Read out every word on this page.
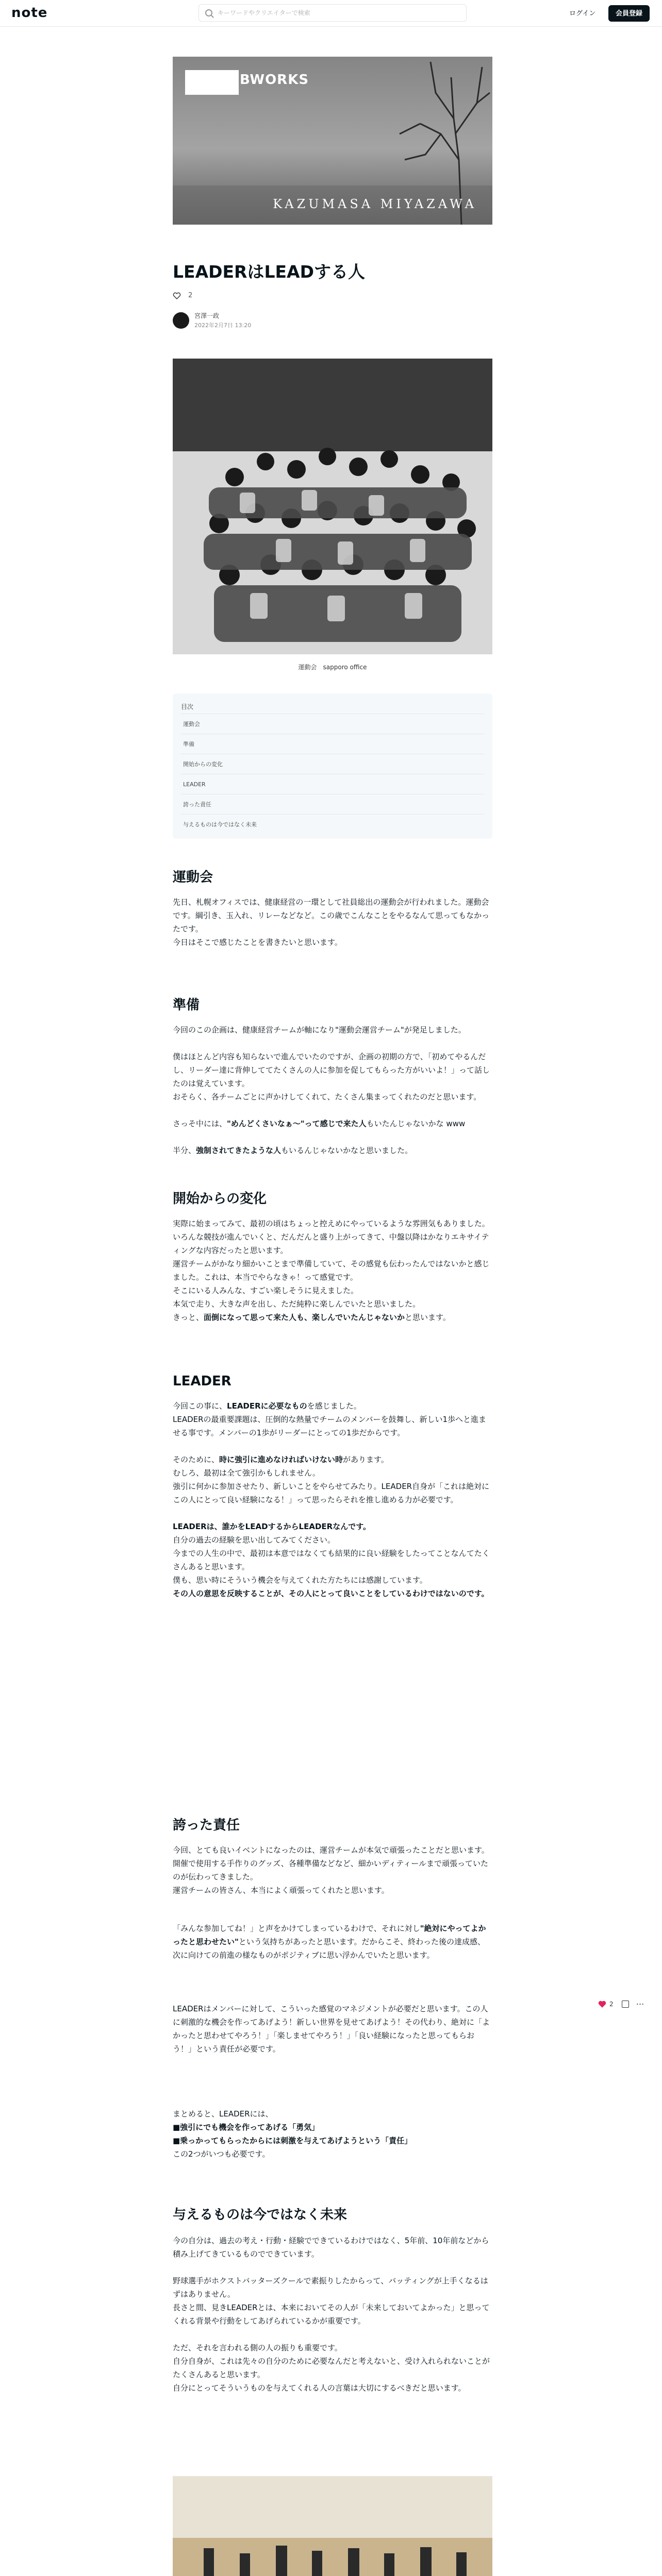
note
キーワードやクリエイターで検索	ログイン	会員登録
BWORKS
KAZUMASA MIYAZAWA
LEADERはLEADする人
2
宮澤一政
2022年2月7日 13:20
運動会　sapporo office
目次
運動会
準備
開始からの変化
LEADER
誇った責任
与えるものは今ではなく未来
運動会

先日、札幌オフィスでは、健康経営の一環として社員総出の運動会が行われました。運動会です。綱引き、玉入れ、リレーなどなど。この歳でこんなことをやるなんて思ってもなかったです。

今日はそこで感じたことを書きたいと思います。

準備

今回のこの企画は、健康経営チームが軸になり"運動会運営チーム"が発足しました。

僕はほとんど内容も知らないで進んでいたのですが、企画の初期の方で、「初めてやるんだし、リーダー達に背伸しててたくさんの人に参加を促してもらった方がいいよ！」って話したのは覚えています。

おそらく、各チームごとに声かけしてくれて、たくさん集まってくれたのだと思います。

さっそ中には、"めんどくさいなぁ〜"って感じで来た人もいたんじゃないかな www

半分、強制されてきたような人もいるんじゃないかなと思いました。

開始からの変化

実際に始まってみて、最初の頃はちょっと控えめにやっているような雰囲気もありました。いろんな競技が進んでいくと、だんだんと盛り上がってきて、中盤以降はかなりエキサイティングな内容だったと思います。

運営チームがかなり細かいことまで準備していて、その感覚も伝わったんではないかと感じました。これは、本当でやらなきゃ！って感覚です。

そこにいる人みんな、すごい楽しそうに見えました。

本気で走り、大きな声を出し、ただ純粋に楽しんでいたと思いました。

きっと、面倒になって思って来た人も、楽しんでいたんじゃないかと思います。

LEADER

今回この事に、LEADERに必要なものを感じました。

LEADERの最重要課題は、圧倒的な熱量でチームのメンバーを鼓舞し、新しい1歩へと進ませる事です。メンバーの1歩がリーダーにとっての1歩だからです。

そのために、時に強引に進めなければいけない時があります。

むしろ、最初は全て強引かもしれません。

強引に何かに参加させたり、新しいことをやらせてみたり。LEADER自身が「これは絶対にこの人にとって良い経験になる！」って思ったらそれを推し進める力が必要です。

LEADERは、誰かをLEADするからLEADERなんです。

自分の過去の経験を思い出してみてください。

今までの人生の中で、最初は本意ではなくても結果的に良い経験をしたってことなんてたくさんあると思います。

僕も、思い時にそういう機会を与えてくれた方たちには感謝しています。

その人の意思を反映することが、その人にとって良いことをしているわけではないのです。

誇った責任

今回、とても良いイベントになったのは、運営チームが本気で頑張ったことだと思います。開催で使用する手作りのグッズ、各種準備などなど、細かいディティールまで頑張っていたのが伝わってきました。

運営チームの皆さん、本当によく頑張ってくれたと思います。

「みんな参加してね！」と声をかけてしまっているわけで、それに対し"絶対にやってよかったと思わせたい"という気持ちがあったと思います。だからこそ、終わった後の達成感、次に向けての前進の様なものがポジティブに思い浮かんでいたと思います。

LEADERはメンバーに対して、こういった感覚のマネジメントが必要だと思います。この人に刺激的な機会を作ってあげよう！新しい世界を見せてあげよう！その代わり、絶対に「よかったと思わせてやろう！」「楽しませてやろう！」「良い経験になったと思ってもらおう！」という責任が必要です。

まとめると、LEADERには、

■強引にでも機会を作ってあげる「勇気」

■乗っかってもらったからには刺激を与えてあげようという「責任」

この2つがいつも必要です。

2	⋯
与えるものは今ではなく未来

今の自分は、過去の考え・行動・経験でできているわけではなく、5年前、10年前などから積み上げてきているものでできています。

野球選手がホクストバッターズクールで素振りしたからって、バッティングが上手くなるはずはありません。

長さと間、見きLEADERとは、本来においてその人が「未来しておいてよかった」と思ってくれる背景や行動をしてあげられているかが重要です。

ただ、それを言われる側の人の振りも重要です。

自分自身が、これは先々の自分のために必要なんだと考えないと、受け入れられないことがたくさんあると思います。

自分にとってそういうものを与えてくれる人の言葉は大切にするべきだと思います。
